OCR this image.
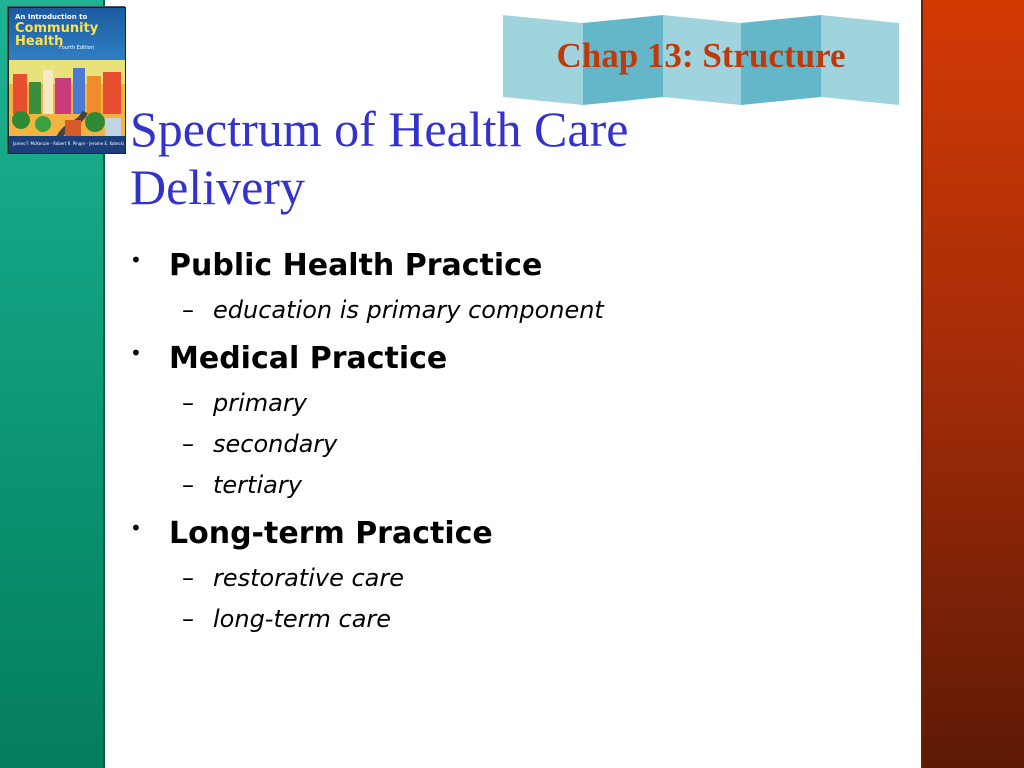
An Introduction to
Community
Health
Fourth Edition
James F. McKenzie · Robert R. Pinger · Jerome E. Kotecki
Chap 13: Structure
Spectrum of Health Care
Delivery
• Public Health Practice
– education is primary component
• Medical Practice
– primary
– secondary
– tertiary
• Long-term Practice
– restorative care
– long-term care
